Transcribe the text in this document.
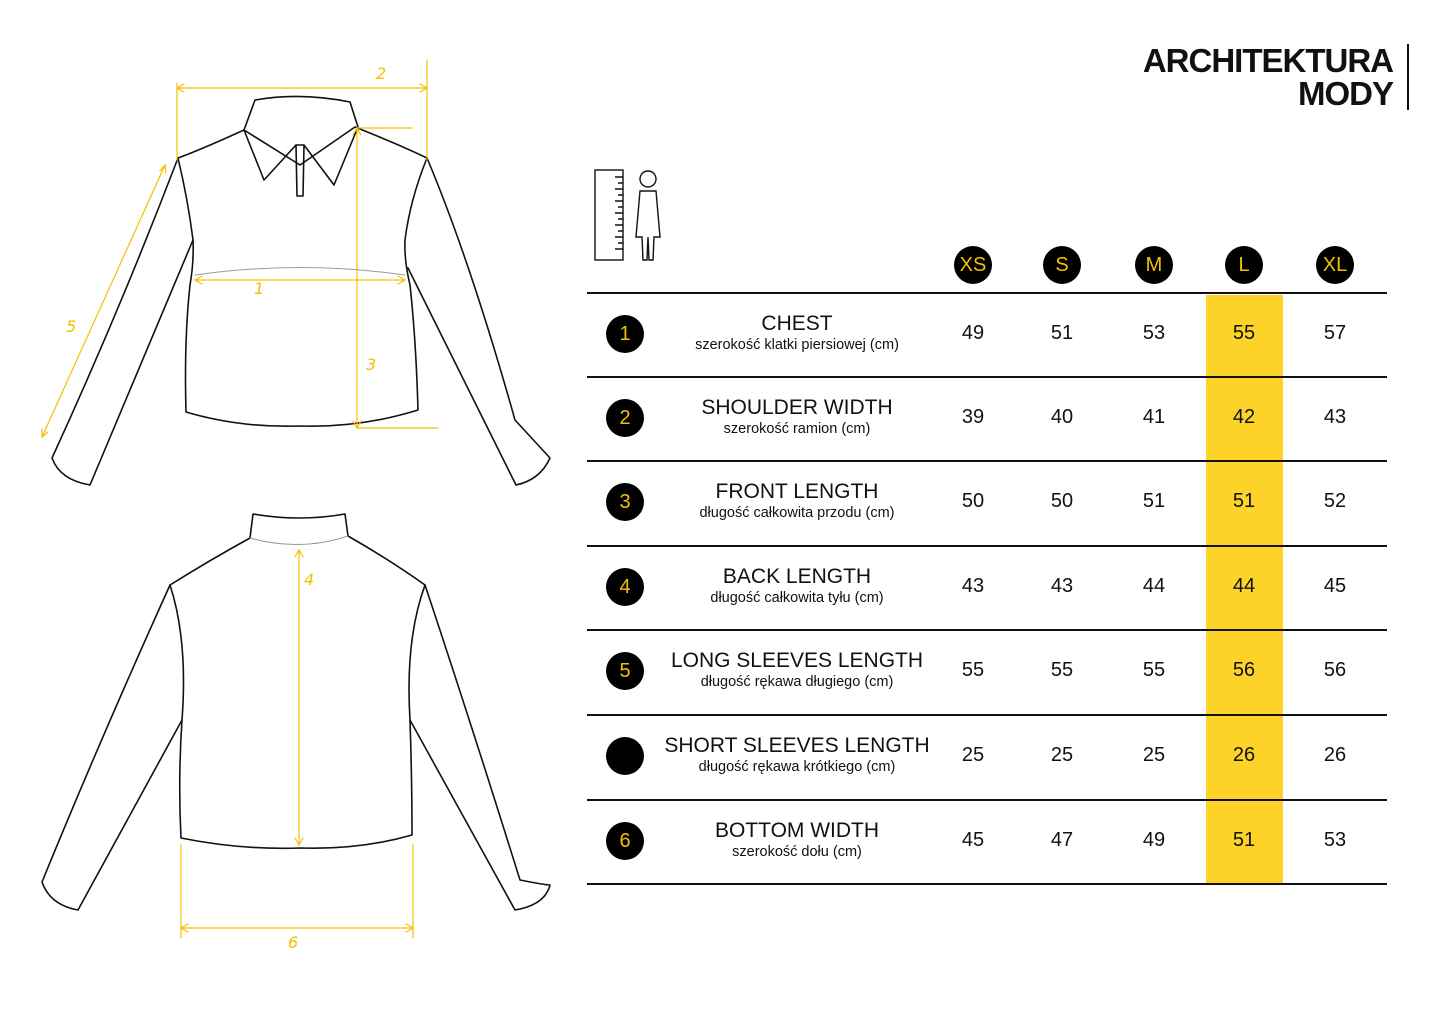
ARCHITEKTURA
MODY
1
2
3
4
5
6
XS	S	M	L	XL
1	CHEST
szerokość klatki piersiowej (cm)
49	51	53	55	57
2	SHOULDER WIDTH
szerokość ramion (cm)
39	40	41	42	43
3	FRONT LENGTH
długość całkowita przodu (cm)
50	50	51	51	52
4	BACK LENGTH
długość całkowita tyłu (cm)
43	43	44	44	45
5	LONG SLEEVES LENGTH
długość rękawa długiego (cm)
55	55	55	56	56
SHORT SLEEVES LENGTH
długość rękawa krótkiego (cm)
25	25	25	26	26
6	BOTTOM WIDTH
szerokość dołu (cm)
45	47	49	51	53
